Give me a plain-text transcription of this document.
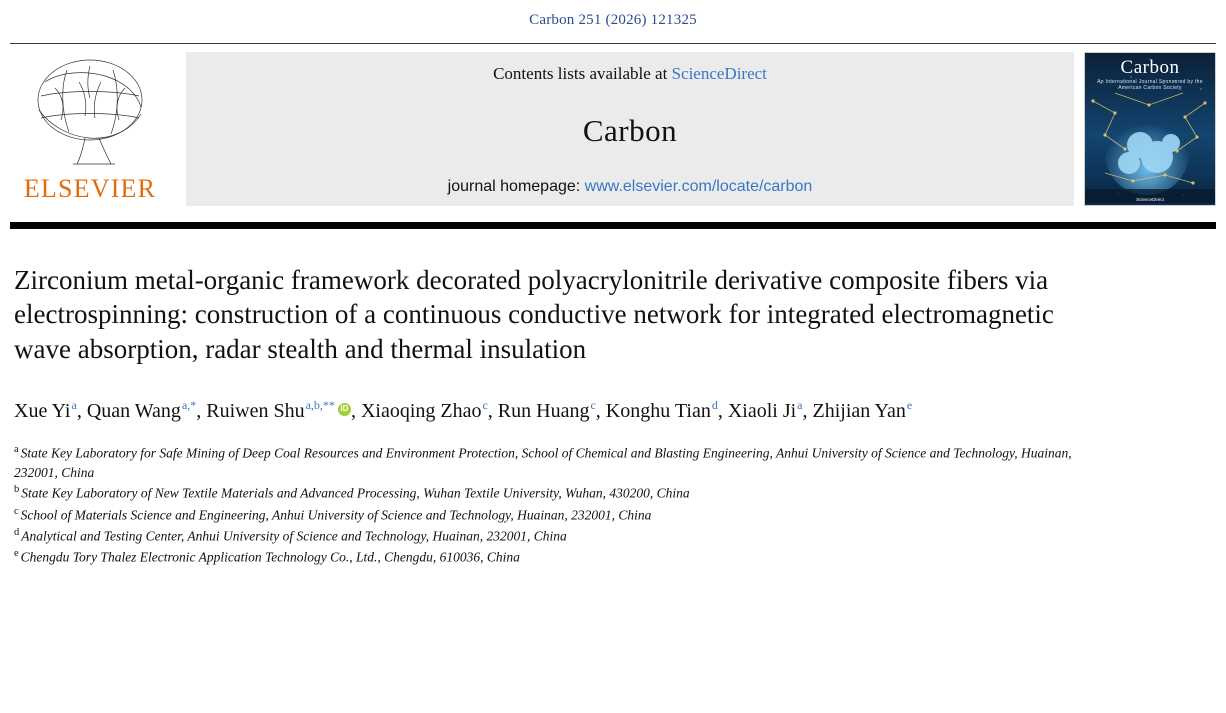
Carbon 251 (2026) 121325
ELSEVIER
Contents lists available at ScienceDirect
Carbon
journal homepage: www.elsevier.com/locate/carbon
Carbon
An International Journal Sponsored by the American Carbon Society
ScienceDirect
Zirconium metal-organic framework decorated polyacrylonitrile derivative composite fibers via electrospinning: construction of a continuous conductive network for integrated electromagnetic wave absorption, radar stealth and thermal insulation
Xue Yi$^a$, Quan Wang$^{a,*}$, Ruiwen Shu$^{a,b,**}$ iD , Xiaoqing Zhao$^c$, Run Huang$^c$, Konghu Tian$^d$, Xiaoli Ji$^a$, Zhijian Yan$^e$
$^a$ State Key Laboratory for Safe Mining of Deep Coal Resources and Environment Protection, School of Chemical and Blasting Engineering, Anhui University of Science and Technology, Huainan, 232001, China
$^b$ State Key Laboratory of New Textile Materials and Advanced Processing, Wuhan Textile University, Wuhan, 430200, China
$^c$ School of Materials Science and Engineering, Anhui University of Science and Technology, Huainan, 232001, China
$^d$ Analytical and Testing Center, Anhui University of Science and Technology, Huainan, 232001, China
$^e$ Chengdu Tory Thalez Electronic Application Technology Co., Ltd., Chengdu, 610036, China
